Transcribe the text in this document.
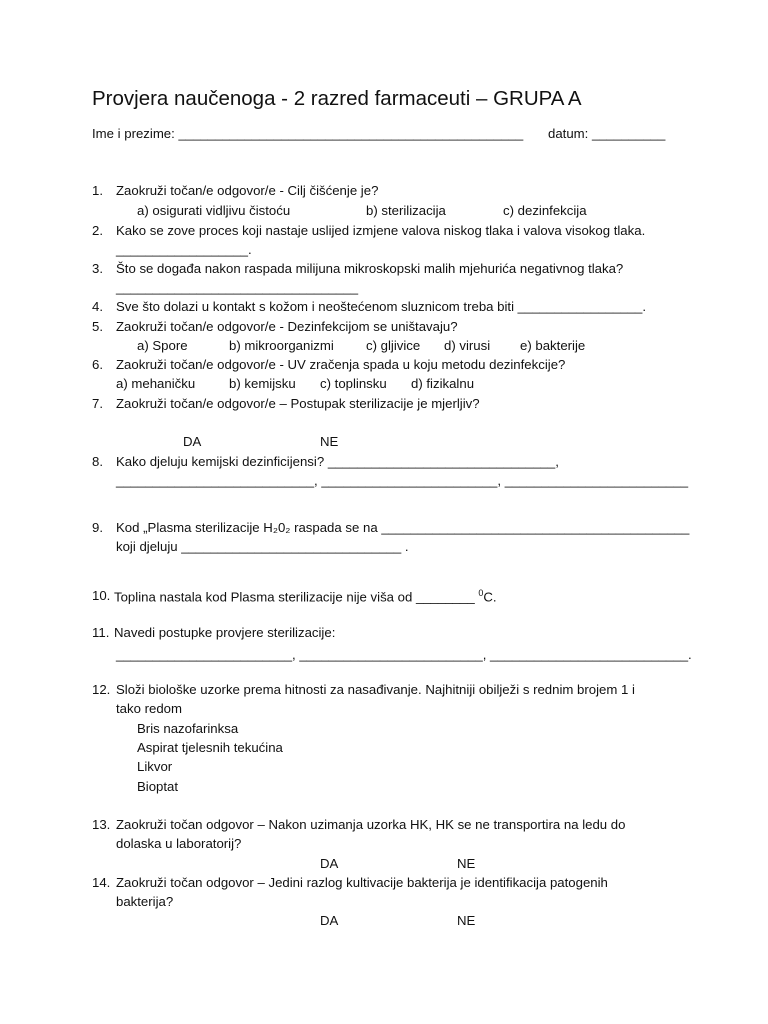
Provjera naučenoga - 2 razred farmaceuti – GRUPA A
Ime i prezime: _______________________________________________ datum: __________
1. Zaokruži točan/e odgovor/e - Cilj čišćenje je?
a) osigurati vidljivu čistoću	b) sterilizacija	c) dezinfekcija
2. Kako se zove proces koji nastaje uslijed izmjene valova niskog tlaka i valova visokog tlaka.
__________________.
3. Što se događa nakon raspada milijuna mikroskopski malih mjehurića negativnog tlaka?
_________________________________
4. Sve što dolazi u kontakt s kožom i neoštećenom sluznicom treba biti _________________.
5. Zaokruži točan/e odgovor/e - Dezinfekcijom se uništavaju?
a) Spore	b) mikroorganizmi c) gljivice d) virusi e) bakterije
6. Zaokruži točan/e odgovor/e - UV zračenja spada u koju metodu dezinfekcije?
a) mehaničku	b) kemijsku c) toplinsku d) fizikalnu
7. Zaokruži točan/e odgovor/e – Postupak sterilizacije je mjerljiv?
DA	NE
8. Kako djeluju kemijski dezinficijensi? _______________________________,
___________________________, ________________________, _________________________
9. Kod „Plasma sterilizacije H₂0₂ raspada se na __________________________________________
koji djeluju ______________________________ .
10. Toplina nastala kod Plasma sterilizacije nije viša od ________ $^0$C.
11. Navedi postupke provjere sterilizacije:
________________________, _________________________, ___________________________.
12. Složi biološke uzorke prema hitnosti za nasađivanje. Najhitniji obilježi s rednim brojem 1 i
tako redom
Bris nazofarinksa
Aspirat tjelesnih tekućina
Likvor
Bioptat
13. Zaokruži točan odgovor – Nakon uzimanja uzorka HK, HK se ne transportira na ledu do
dolaska u laboratorij?
DA	NE
14. Zaokruži točan odgovor – Jedini razlog kultivacije bakterija je identifikacija patogenih
bakterija?
DA	NE
